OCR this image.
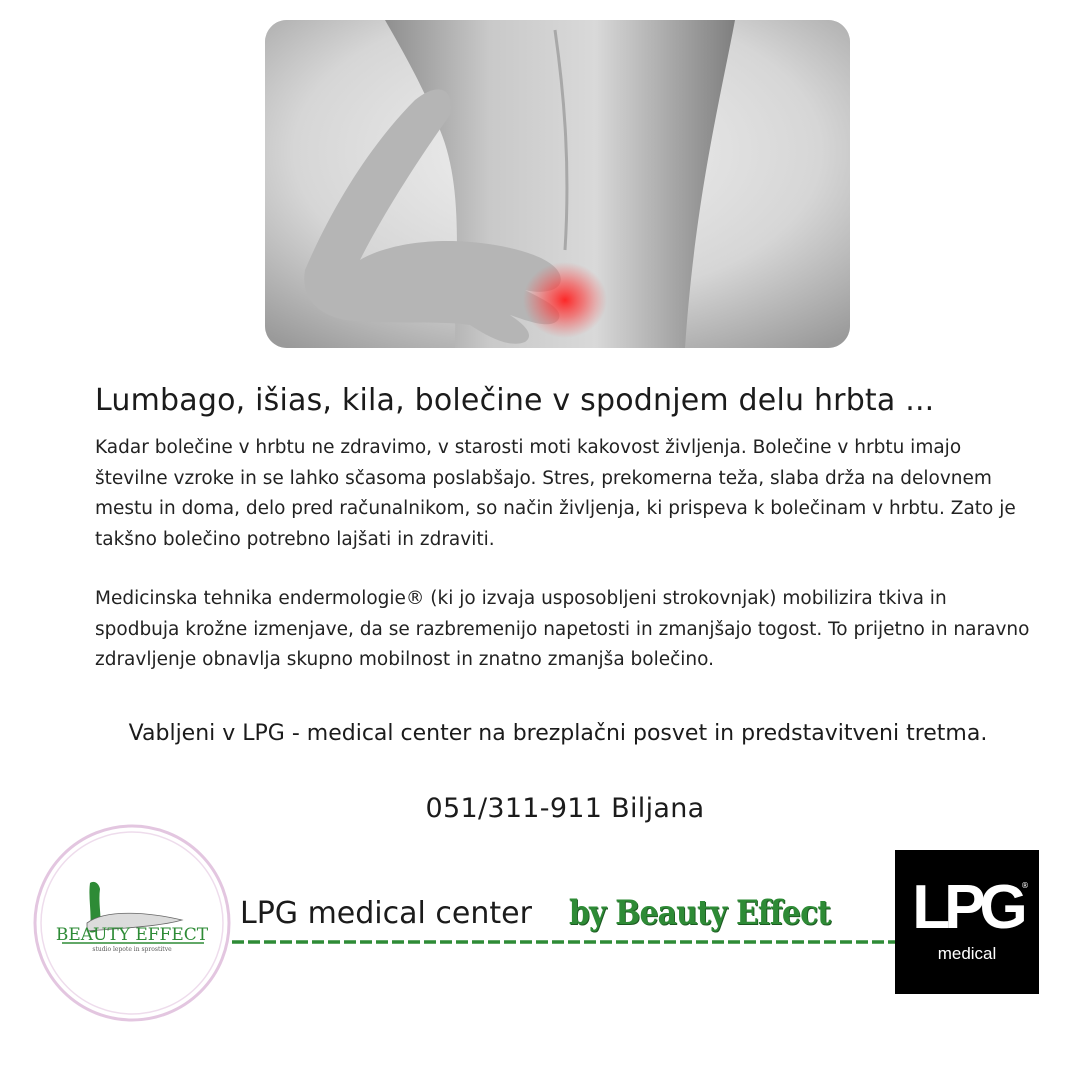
Lumbago, išias, kila, bolečine v spodnjem delu hrbta ...

Kadar bolečine v hrbtu ne zdravimo, v starosti moti kakovost življenja. Bolečine v hrbtu imajo številne vzroke in se lahko sčasoma poslabšajo. Stres, prekomerna teža, slaba drža na delovnem mestu in doma, delo pred računalnikom, so način življenja, ki prispeva k bolečinam v hrbtu. Zato je takšno bolečino potrebno lajšati in zdraviti.

Medicinska tehnika endermologie® (ki jo izvaja usposobljeni strokovnjak) mobilizira tkiva in spodbuja krožne izmenjave, da se razbremenijo napetosti in zmanjšajo togost. To prijetno in naravno zdravljenje obnavlja skupno mobilnost in znatno zmanjša bolečino.

Vabljeni v LPG - medical center na brezplačni posvet in predstavitveni tretma.
051/311-911 Biljana
BEAUTY EFFECT
studio lepote in sprostitve
LPG medical center by Beauty Effect LPG ®
medical
